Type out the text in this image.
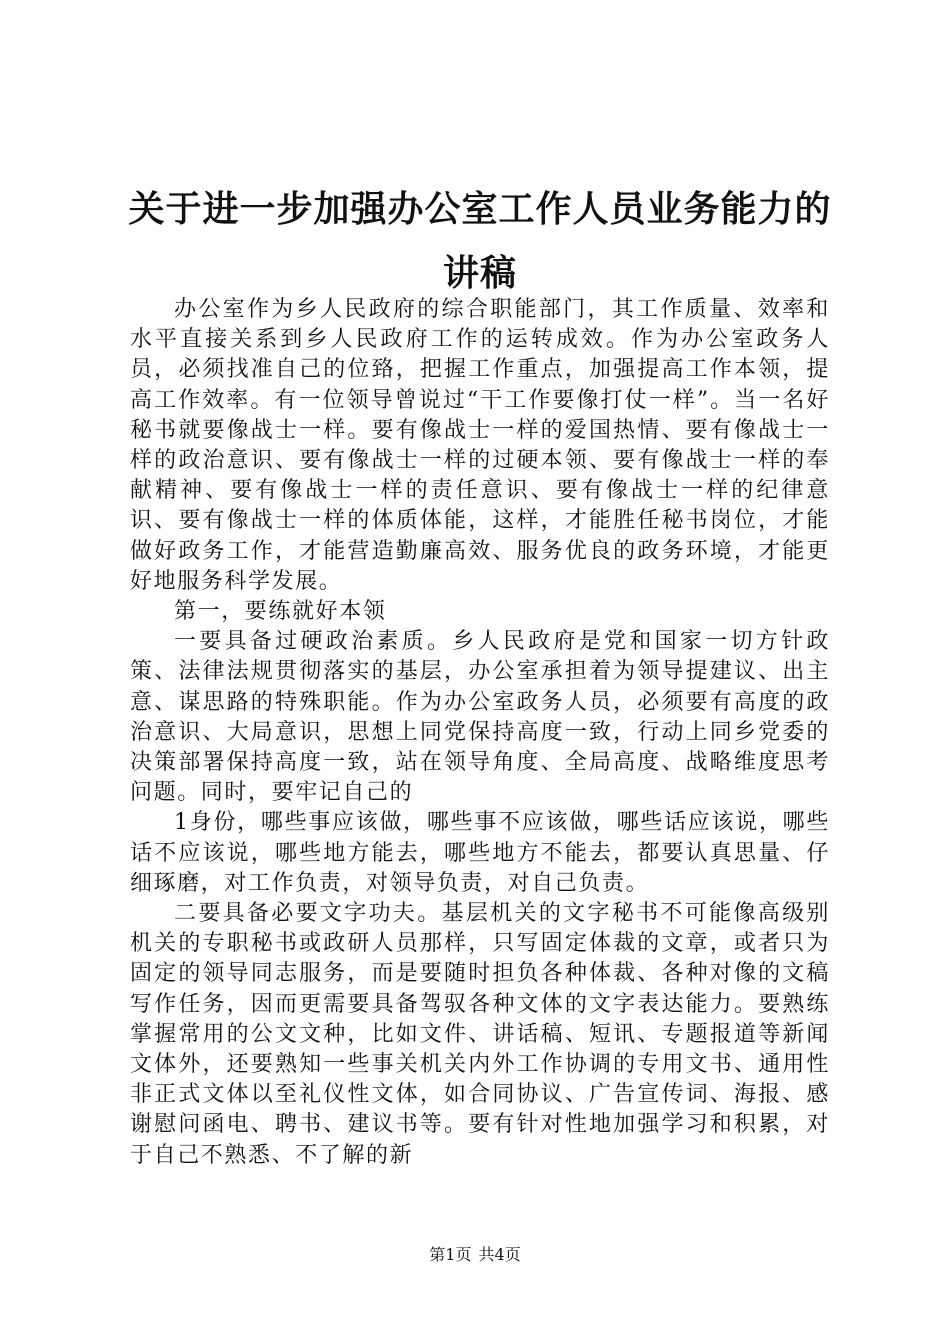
关于进一步加强办公室工作人员业务能力的讲稿

办公室作为乡人民政府的综合职能部门，其工作质量、效率和水平直接关系到乡人民政府工作的运转成效。作为办公室政务人员，必须找准自己的位臵，把握工作重点，加强提高工作本领，提高工作效率。有一位领导曾说过“干工作要像打仗一样”。当一名好秘书就要像战士一样。要有像战士一样的爱国热情、要有像战士一样的政治意识、要有像战士一样的过硬本领、要有像战士一样的奉献精神、要有像战士一样的责任意识、要有像战士一样的纪律意识、要有像战士一样的体质体能，这样，才能胜任秘书岗位，才能做好政务工作，才能营造勤廉高效、服务优良的政务环境，才能更好地服务科学发展。

第一，要练就好本领

一要具备过硬政治素质。乡人民政府是党和国家一切方针政策、法律法规贯彻落实的基层，办公室承担着为领导提建议、出主意、谋思路的特殊职能。作为办公室政务人员，必须要有高度的政治意识、大局意识，思想上同党保持高度一致，行动上同乡党委的决策部署保持高度一致，站在领导角度、全局高度、战略维度思考问题。同时，要牢记自己的

1身份，哪些事应该做，哪些事不应该做，哪些话应该说，哪些话不应该说，哪些地方能去，哪些地方不能去，都要认真思量、仔细琢磨，对工作负责，对领导负责，对自己负责。

二要具备必要文字功夫。基层机关的文字秘书不可能像高级别机关的专职秘书或政研人员那样，只写固定体裁的文章，或者只为固定的领导同志服务，而是要随时担负各种体裁、各种对像的文稿写作任务，因而更需要具备驾驭各种文体的文字表达能力。要熟练掌握常用的公文文种，比如文件、讲话稿、短讯、专题报道等新闻文体外，还要熟知一些事关机关内外工作协调的专用文书、通用性非正式文体以至礼仪性文体，如合同协议、广告宣传词、海报、感谢慰问函电、聘书、建议书等。要有针对性地加强学习和积累，对于自己不熟悉、不了解的新

第1页 共4页
